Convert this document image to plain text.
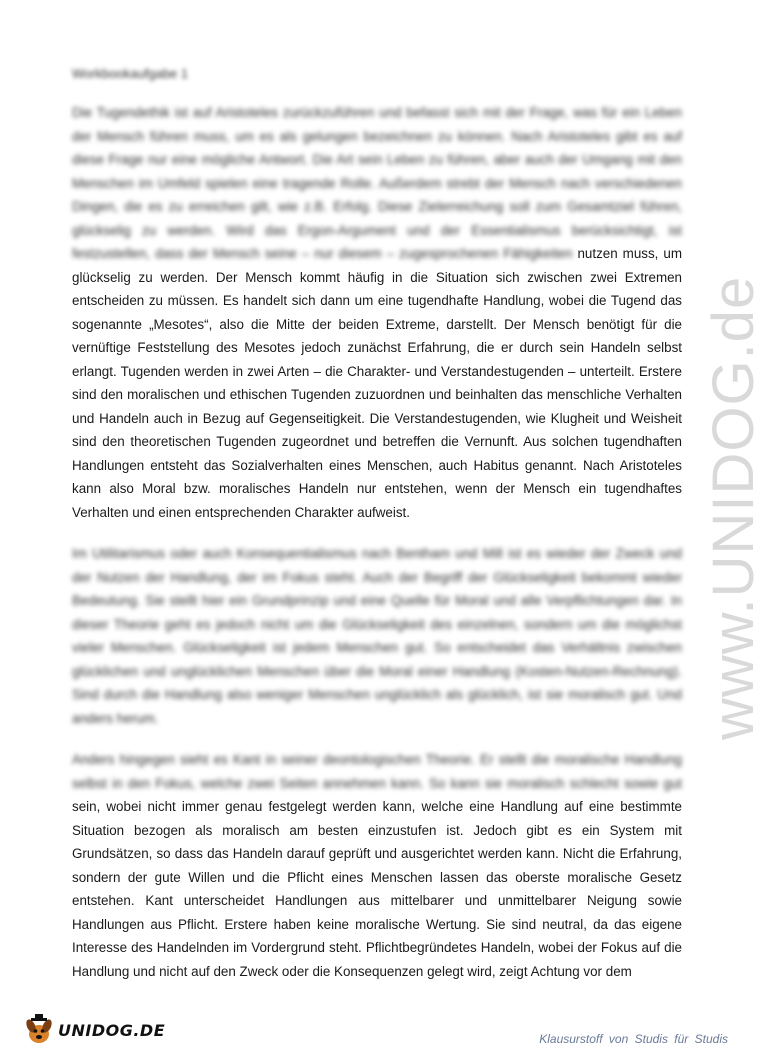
www.UNIDOG.de
Workbookaufgabe 1

Die Tugendethik ist auf Aristoteles zurückzuführen und befasst sich mit der Frage, was für ein Leben der Mensch führen muss, um es als gelungen bezeichnen zu können. Nach Aristoteles gibt es auf diese Frage nur eine mögliche Antwort. Die Art sein Leben zu führen, aber auch der Umgang mit den Menschen im Umfeld spielen eine tragende Rolle. Außerdem strebt der Mensch nach verschiedenen Dingen, die es zu erreichen gilt, wie z.B. Erfolg. Diese Zielerreichung soll zum Gesamtziel führen, glückselig zu werden. Wird das Ergon-Argument und der Essentialismus berücksichtigt, ist festzustellen, dass der Mensch seine – nur diesem – zugesprochenen Fähigkeiten nutzen muss, um glückselig zu werden. Der Mensch kommt häufig in die Situation sich zwischen zwei Extremen entscheiden zu müssen. Es handelt sich dann um eine tugendhafte Handlung, wobei die Tugend das sogenannte „Mesotes“, also die Mitte der beiden Extreme, darstellt. Der Mensch benötigt für die vernüftige Feststellung des Mesotes jedoch zunächst Erfahrung, die er durch sein Handeln selbst erlangt. Tugenden werden in zwei Arten – die Charakter- und Verstandestugenden – unterteilt. Erstere sind den moralischen und ethischen Tugenden zuzuordnen und beinhalten das menschliche Verhalten und Handeln auch in Bezug auf Gegenseitigkeit. Die Verstandestugenden, wie Klugheit und Weisheit sind den theoretischen Tugenden zugeordnet und betreffen die Vernunft. Aus solchen tugendhaften Handlungen entsteht das Sozialverhalten eines Menschen, auch Habitus genannt. Nach Aristoteles kann also Moral bzw. moralisches Handeln nur entstehen, wenn der Mensch ein tugendhaftes Verhalten und einen entsprechenden Charakter aufweist.

Im Utilitarismus oder auch Konsequentialismus nach Bentham und Mill ist es wieder der Zweck und der Nutzen der Handlung, der im Fokus steht. Auch der Begriff der Glückseligkeit bekommt wieder Bedeutung. Sie stellt hier ein Grundprinzip und eine Quelle für Moral und alle Verpflichtungen dar. In dieser Theorie geht es jedoch nicht um die Glückseligkeit des einzelnen, sondern um die möglichst vieler Menschen. Glückseligkeit ist jedem Menschen gut. So entscheidet das Verhältnis zwischen glücklichen und unglücklichen Menschen über die Moral einer Handlung (Kosten-Nutzen-Rechnung). Sind durch die Handlung also weniger Menschen unglücklich als glücklich, ist sie moralisch gut. Und anders herum.

Anders hingegen sieht es Kant in seiner deontologischen Theorie. Er stellt die moralische Handlung selbst in den Fokus, welche zwei Seiten annehmen kann. So kann sie moralisch schlecht sowie gut sein, wobei nicht immer genau festgelegt werden kann, welche eine Handlung auf eine bestimmte Situation bezogen als moralisch am besten einzustufen ist. Jedoch gibt es ein System mit Grundsätzen, so dass das Handeln darauf geprüft und ausgerichtet werden kann. Nicht die Erfahrung, sondern der gute Willen und die Pflicht eines Menschen lassen das oberste moralische Gesetz entstehen. Kant unterscheidet Handlungen aus mittelbarer und unmittelbarer Neigung sowie Handlungen aus Pflicht. Erstere haben keine moralische Wertung. Sie sind neutral, da das eigene Interesse des Handelnden im Vordergrund steht. Pflichtbegründetes Handeln, wobei der Fokus auf die Handlung und nicht auf den Zweck oder die Konsequenzen gelegt wird, zeigt Achtung vor dem

UNIDOG.DE	Klausurstoff von Studis für Studis
